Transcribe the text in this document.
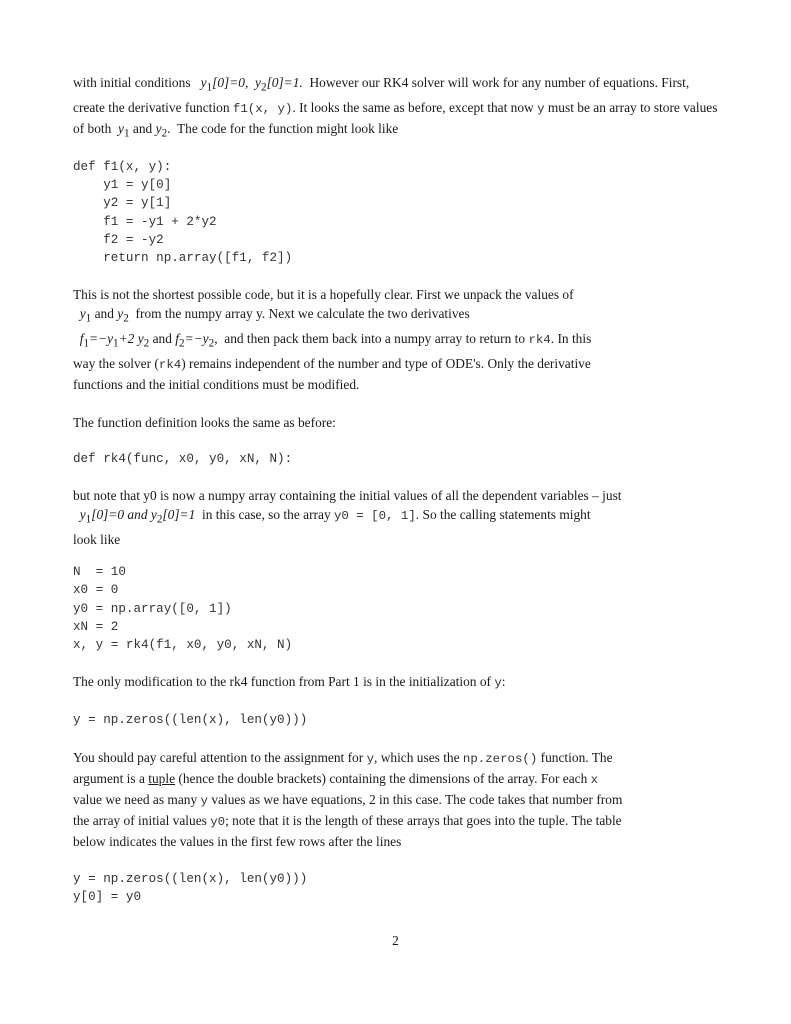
with initial conditions $y_1[0]=0$, $y_2[0]=1$. However our RK4 solver will work for any number of equations. First, create the derivative function f1(x, y). It looks the same as before, except that now y must be an array to store values of both $y_1$ and $y_2$. The code for the function might look like

def f1(x, y):
y1 = y[0]
y2 = y[1]
f1 = -y1 + 2*y2
f2 = -y2
return np.array([f1, f2])

This is not the shortest possible code, but it is a hopefully clear. First we unpack the values of
$y_1$ and $y_2$ from the numpy array y. Next we calculate the two derivatives
$f_1=-y_1+2$ $y_2$ and $f_2=-y_2$, and then pack them back into a numpy array to return to rk4. In this
way the solver (rk4) remains independent of the number and type of ODE's. Only the derivative
functions and the initial conditions must be modified.

The function definition looks the same as before:

def rk4(func, x0, y0, xN, N):

but note that y0 is now a numpy array containing the initial values of all the dependent variables – just
$y_1[0]=0$ and $y_2[0]=1$ in this case, so the array y0 = [0, 1]. So the calling statements might
look like

N  = 10
x0 = 0
y0 = np.array([0, 1])
xN = 2
x, y = rk4(f1, x0, y0, xN, N)

The only modification to the rk4 function from Part 1 is in the initialization of y:

y = np.zeros((len(x), len(y0)))

You should pay careful attention to the assignment for y, which uses the np.zeros() function. The
argument is a tuple (hence the double brackets) containing the dimensions of the array. For each x
value we need as many y values as we have equations, 2 in this case. The code takes that number from
the array of initial values y0; note that it is the length of these arrays that goes into the tuple. The table
below indicates the values in the first few rows after the lines

y = np.zeros((len(x), len(y0)))
y[0] = y0
2
